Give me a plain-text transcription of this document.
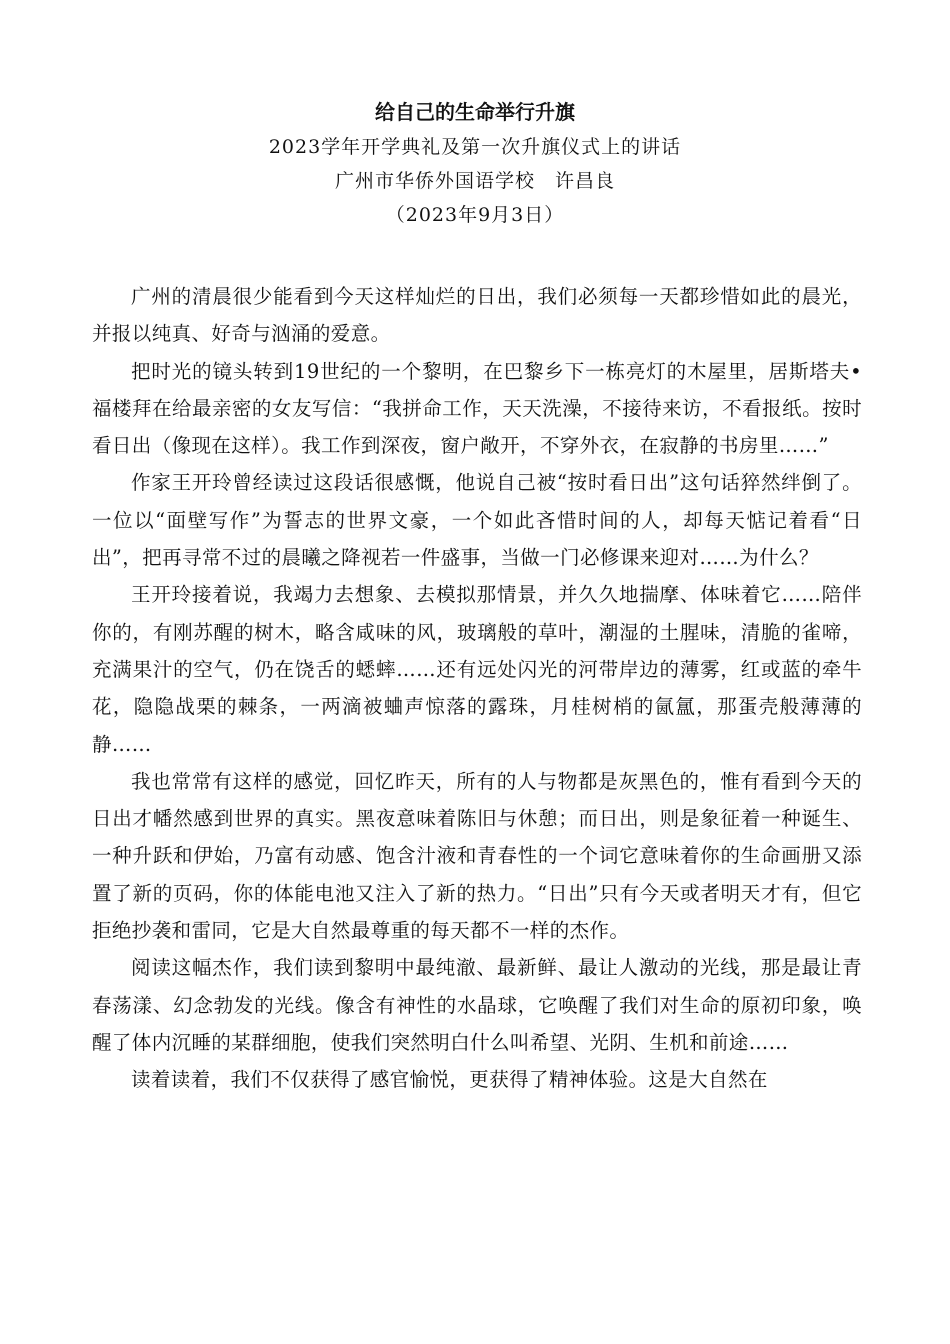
给自己的生命举行升旗

2023学年开学典礼及第一次升旗仪式上的讲话

广州市华侨外国语学校　许昌良

（2023年9月3日）

广州的清晨很少能看到今天这样灿烂的日出，我们必须每一天都珍惜如此的晨光，并报以纯真、好奇与汹涌的爱意。

把时光的镜头转到19世纪的一个黎明，在巴黎乡下一栋亮灯的木屋里，居斯塔夫•福楼拜在给最亲密的女友写信：“我拼命工作，天天洗澡，不接待来访，不看报纸。按时看日出（像现在这样）。我工作到深夜，窗户敞开，不穿外衣，在寂静的书房里……”

作家王开玲曾经读过这段话很感慨，他说自己被“按时看日出”这句话猝然绊倒了。一位以“面壁写作”为誓志的世界文豪，一个如此吝惜时间的人，却每天惦记着看“日出”，把再寻常不过的晨曦之降视若一件盛事，当做一门必修课来迎对……为什么？

王开玲接着说，我竭力去想象、去模拟那情景，并久久地揣摩、体味着它……陪伴你的，有刚苏醒的树木，略含咸味的风，玻璃般的草叶，潮湿的土腥味，清脆的雀啼，充满果汁的空气，仍在饶舌的蟋蟀……还有远处闪光的河带岸边的薄雾，红或蓝的牵牛花，隐隐战栗的棘条，一两滴被蛐声惊落的露珠，月桂树梢的氤氲，那蛋壳般薄薄的静……

我也常常有这样的感觉，回忆昨天，所有的人与物都是灰黑色的，惟有看到今天的日出才幡然感到世界的真实。黑夜意味着陈旧与休憩；而日出，则是象征着一种诞生、一种升跃和伊始，乃富有动感、饱含汁液和青春性的一个词它意味着你的生命画册又添置了新的页码，你的体能电池又注入了新的热力。“日出”只有今天或者明天才有，但它拒绝抄袭和雷同，它是大自然最尊重的每天都不一样的杰作。

阅读这幅杰作，我们读到黎明中最纯澈、最新鲜、最让人激动的光线，那是最让青春荡漾、幻念勃发的光线。像含有神性的水晶球，它唤醒了我们对生命的原初印象，唤醒了体内沉睡的某群细胞，使我们突然明白什么叫希望、光阴、生机和前途……

读着读着，我们不仅获得了感官愉悦，更获得了精神体验。这是大自然在
